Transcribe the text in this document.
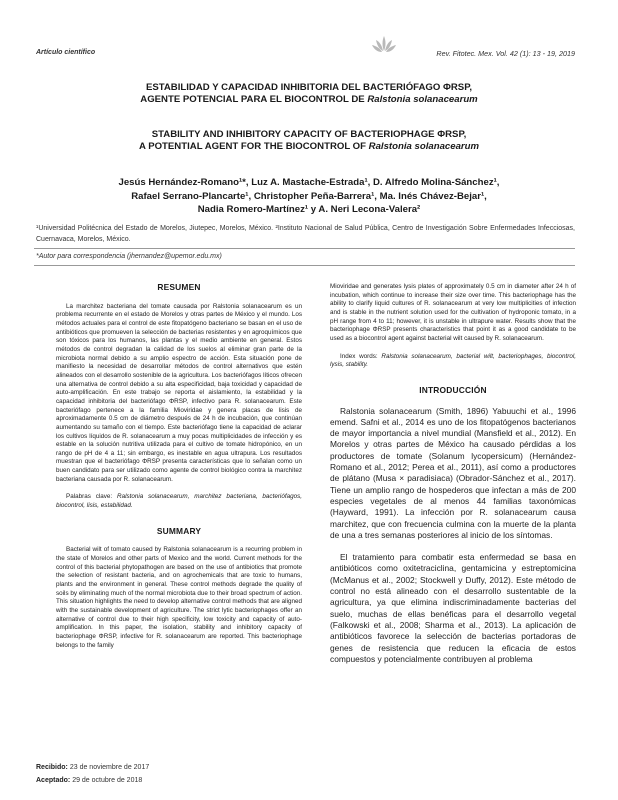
Artículo científico	Rev. Fitotec. Mex. Vol. 42 (1): 13 - 19, 2019
ESTABILIDAD Y CAPACIDAD INHIBITORIA DEL BACTERIÓFAGO ΦRSP,
AGENTE POTENCIAL PARA EL BIOCONTROL DE Ralstonia solanacearum
STABILITY AND INHIBITORY CAPACITY OF BACTERIOPHAGE ΦRSP,
A POTENTIAL AGENT FOR THE BIOCONTROL OF Ralstonia solanacearum
Jesús Hernández-Romano¹*, Luz A. Mastache-Estrada¹, D. Alfredo Molina-Sánchez¹,
Rafael Serrano-Plancarte¹, Christopher Peña-Barrera¹, Ma. Inés Chávez-Bejar¹,
Nadia Romero-Martínez¹ y A. Neri Lecona-Valera²
¹Universidad Politécnica del Estado de Morelos, Jiutepec, Morelos, México. ²Instituto Nacional de Salud Pública, Centro de Investigación Sobre Enfermedades Infecciosas, Cuernavaca, Morelos, México.
*Autor para correspondencia (jhernandez@upemor.edu.mx)
RESUMEN

La marchitez bacteriana del tomate causada por Ralstonia solanacearum es un problema recurrente en el estado de Morelos y otras partes de México y el mundo. Los métodos actuales para el control de este fitopatógeno bacteriano se basan en el uso de antibióticos que promueven la selección de bacterias resistentes y en agroquímicos que son tóxicos para los humanos, las plantas y el medio ambiente en general. Estos métodos de control degradan la calidad de los suelos al eliminar gran parte de la microbiota normal debido a su amplio espectro de acción. Esta situación pone de manifiesto la necesidad de desarrollar métodos de control alternativos que estén alineados con el desarrollo sostenible de la agricultura. Los bacteriófagos líticos ofrecen una alternativa de control debido a su alta especificidad, baja toxicidad y capacidad de auto-amplificación. En este trabajo se reporta el aislamiento, la estabilidad y la capacidad inhibitoria del bacteriófago ΦRSP, infectivo para R. solanacearum. Este bacteriófago pertenece a la familia Mioviridae y genera placas de lisis de aproximadamente 0.5 cm de diámetro después de 24 h de incubación, que continúan aumentando su tamaño con el tiempo. Este bacteriófago tiene la capacidad de aclarar los cultivos líquidos de R. solanacearum a muy pocas multiplicidades de infección y es estable en la solución nutritiva utilizada para el cultivo de tomate hidropónico, en un rango de pH de 4 a 11; sin embargo, es inestable en agua ultrapura. Los resultados muestran que el bacteriófago ΦRSP presenta características que lo señalan como un buen candidato para ser utilizado como agente de control biológico contra la marchitez bacteriana causada por R. solanacearum.

Palabras clave: Ralstonia solanacearum, marchitez bacteriana, bacteriófagos, biocontrol, lisis, estabilidad.

SUMMARY

Bacterial wilt of tomato caused by Ralstonia solanacearum is a recurring problem in the state of Morelos and other parts of Mexico and the world. Current methods for the control of this bacterial phytopathogen are based on the use of antibiotics that promote the selection of resistant bacteria, and on agrochemicals that are toxic to humans, plants and the environment in general. These control methods degrade the quality of soils by eliminating much of the normal microbiota due to their broad spectrum of action. This situation highlights the need to develop alternative control methods that are aligned with the sustainable development of agriculture. The strict lytic bacteriophages offer an alternative of control due to their high specificity, low toxicity and capacity of auto-amplification. In this paper, the isolation, stability and inhibitory capacity of bacteriophage ΦRSP, infective for R. solanacearum are reported. This bacteriophage belongs to the family

Mioviridae and generates lysis plates of approximately 0.5 cm in diameter after 24 h of incubation, which continue to increase their size over time. This bacteriophage has the ability to clarify liquid cultures of R. solanacearum at very low multiplicities of infection and is stable in the nutrient solution used for the cultivation of hydroponic tomato, in a pH range from 4 to 11; however, it is unstable in ultrapure water. Results show that the bacteriophage ΦRSP presents characteristics that point it as a good candidate to be used as a biocontrol agent against bacterial wilt caused by R. solanacearum.

Index words: Ralstonia solanacearum, bacterial wilt, bacteriophages, biocontrol, lysis, stability.

INTRODUCCIÓN

Ralstonia solanacearum (Smith, 1896) Yabuuchi et al., 1996 emend. Safni et al., 2014 es uno de los fitopatógenos bacterianos de mayor importancia a nivel mundial (Mansfield et al., 2012). En Morelos y otras partes de México ha causado pérdidas a los productores de tomate (Solanum lycopersicum) (Hernández-Romano et al., 2012; Perea et al., 2011), así como a productores de plátano (Musa × paradisiaca) (Obrador-Sánchez et al., 2017). Tiene un amplio rango de hospederos que infectan a más de 200 especies vegetales de al menos 44 familias taxonómicas (Hayward, 1991). La infección por R. solanacearum causa marchitez, que con frecuencia culmina con la muerte de la planta de una a tres semanas posteriores al inicio de los síntomas.

El tratamiento para combatir esta enfermedad se basa en antibióticos como oxitetraciclina, gentamicina y estreptomicina (McManus et al., 2002; Stockwell y Duffy, 2012). Este método de control no está alineado con el desarrollo sustentable de la agricultura, ya que elimina indiscriminadamente bacterias del suelo, muchas de ellas benéficas para el desarrollo vegetal (Falkowski et al., 2008; Sharma et al., 2013). La aplicación de antibióticos favorece la selección de bacterias portadoras de genes de resistencia que reducen la eficacia de estos compuestos y potencialmente contribuyen al problema

Recibido: 23 de noviembre de 2017
Aceptado: 29 de octubre de 2018
